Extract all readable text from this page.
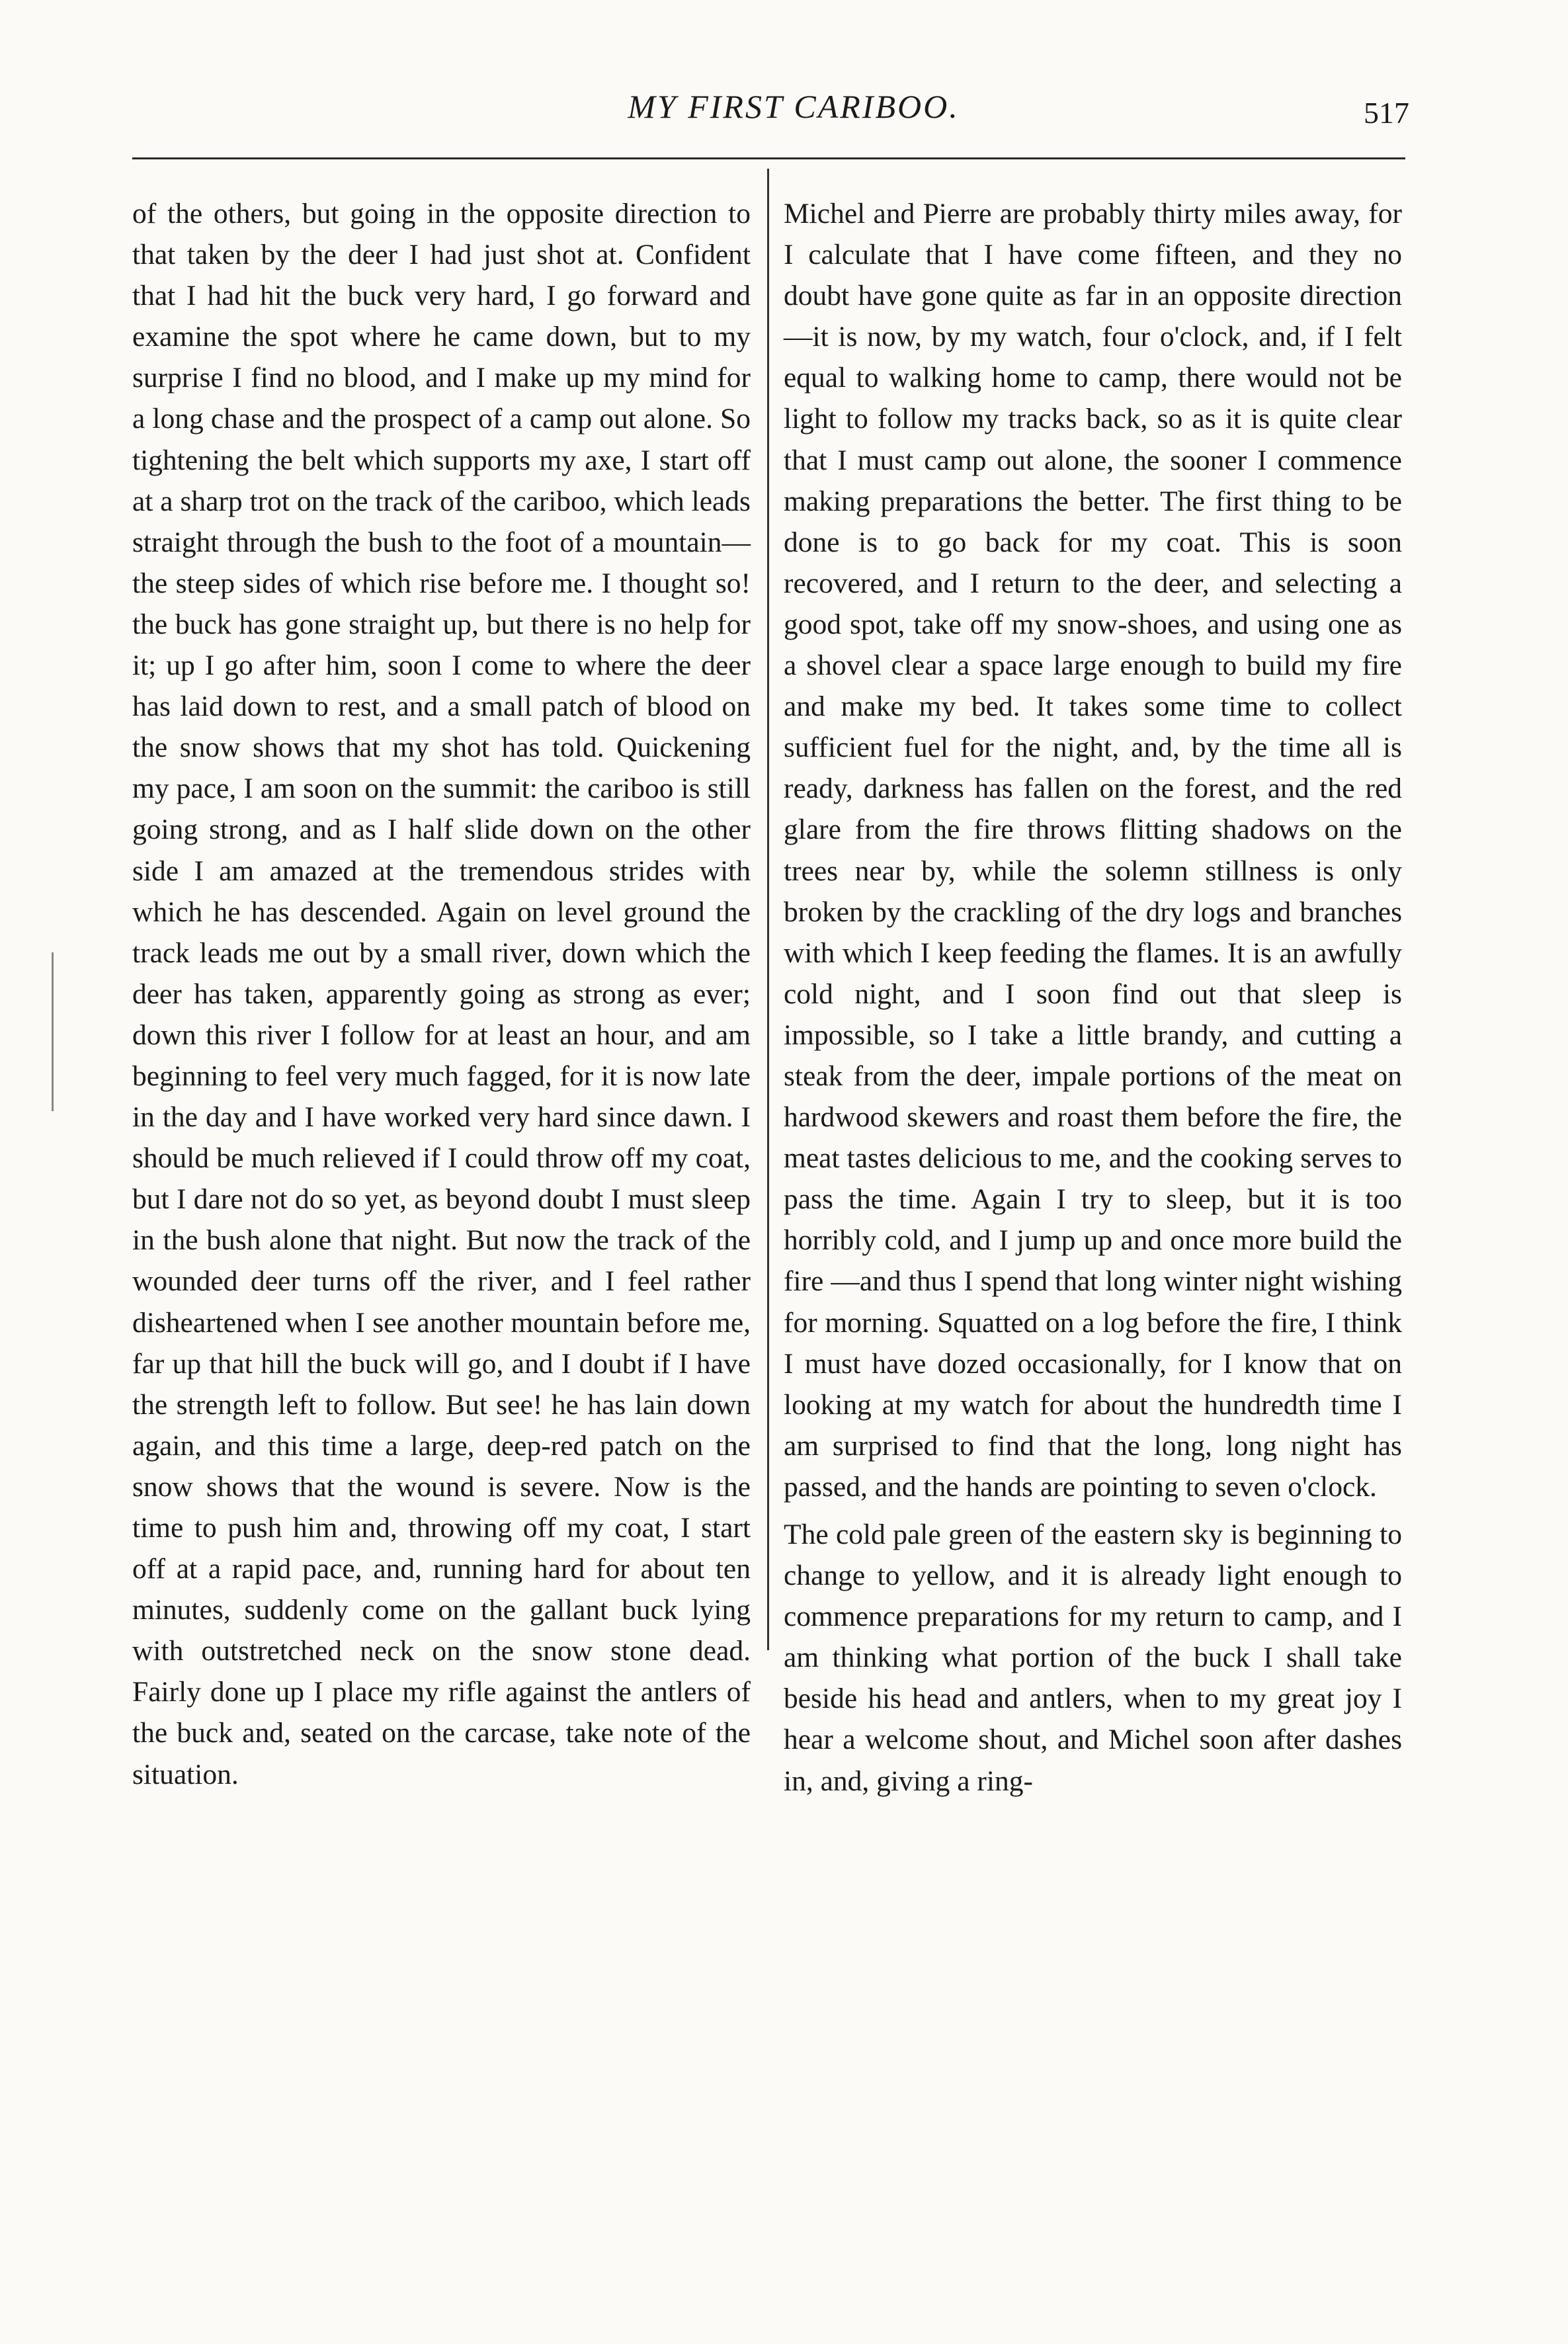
MY FIRST CARIBOO.	517

of the others, but going in the opposite direction to that taken by the deer I had just shot at. Confident that I had hit the buck very hard, I go forward and examine the spot where he came down, but to my surprise I find no blood, and I make up my mind for a long chase and the prospect of a camp out alone. So tightening the belt which supports my axe, I start off at a sharp trot on the track of the cariboo, which leads straight through the bush to the foot of a mountain—the steep sides of which rise before me. I thought so! the buck has gone straight up, but there is no help for it; up I go after him, soon I come to where the deer has laid down to rest, and a small patch of blood on the snow shows that my shot has told. Quickening my pace, I am soon on the summit: the cariboo is still going strong, and as I half slide down on the other side I am amazed at the tremendous strides with which he has descended. Again on level ground the track leads me out by a small river, down which the deer has taken, apparently going as strong as ever; down this river I follow for at least an hour, and am beginning to feel very much fagged, for it is now late in the day and I have worked very hard since dawn. I should be much relieved if I could throw off my coat, but I dare not do so yet, as beyond doubt I must sleep in the bush alone that night. But now the track of the wounded deer turns off the river, and I feel rather disheartened when I see another mountain before me, far up that hill the buck will go, and I doubt if I have the strength left to follow. But see! he has lain down again, and this time a large, deep-red patch on the snow shows that the wound is severe. Now is the time to push him and, throwing off my coat, I start off at a rapid pace, and, running hard for about ten minutes, suddenly come on the gallant buck lying with outstretched neck on the snow stone dead. Fairly done up I place my rifle against the antlers of the buck and, seated on the carcase, take note of the situation.

Michel and Pierre are probably thirty miles away, for I calculate that I have come fifteen, and they no doubt have gone quite as far in an opposite direction—it is now, by my watch, four o'clock, and, if I felt equal to walking home to camp, there would not be light to follow my tracks back, so as it is quite clear that I must camp out alone, the sooner I commence making preparations the better. The first thing to be done is to go back for my coat. This is soon recovered, and I return to the deer, and selecting a good spot, take off my snow-shoes, and using one as a shovel clear a space large enough to build my fire and make my bed. It takes some time to collect sufficient fuel for the night, and, by the time all is ready, darkness has fallen on the forest, and the red glare from the fire throws flitting shadows on the trees near by, while the solemn stillness is only broken by the crackling of the dry logs and branches with which I keep feeding the flames. It is an awfully cold night, and I soon find out that sleep is impossible, so I take a little brandy, and cutting a steak from the deer, impale portions of the meat on hardwood skewers and roast them before the fire, the meat tastes delicious to me, and the cooking serves to pass the time. Again I try to sleep, but it is too horribly cold, and I jump up and once more build the fire —and thus I spend that long winter night wishing for morning. Squatted on a log before the fire, I think I must have dozed occasionally, for I know that on looking at my watch for about the hundredth time I am surprised to find that the long, long night has passed, and the hands are pointing to seven o'clock.

The cold pale green of the eastern sky is beginning to change to yellow, and it is already light enough to commence preparations for my return to camp, and I am thinking what portion of the buck I shall take beside his head and antlers, when to my great joy I hear a welcome shout, and Michel soon after dashes in, and, giving a ring-
